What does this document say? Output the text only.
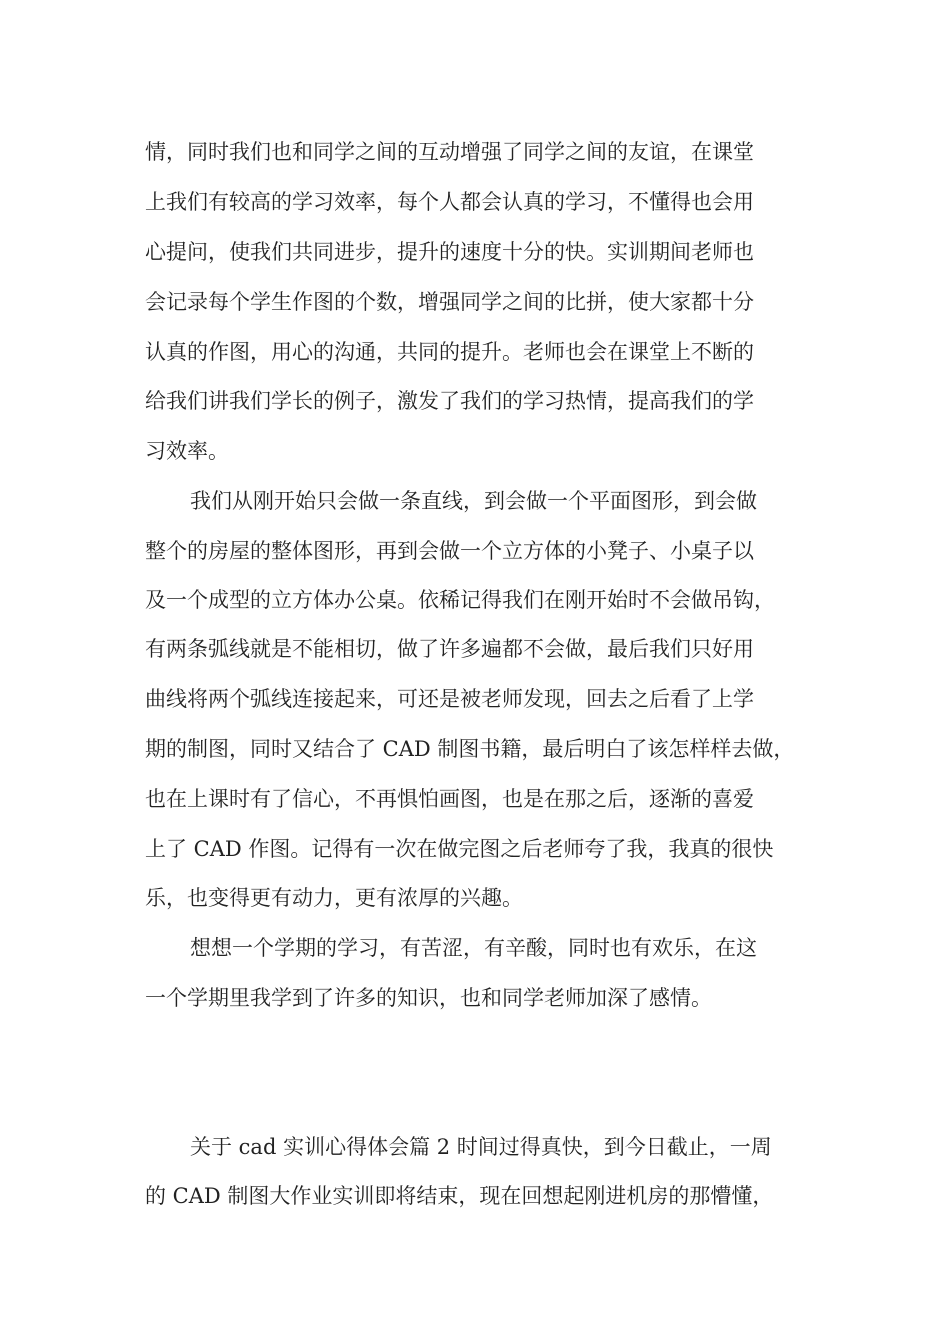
情，同时我们也和同学之间的互动增强了同学之间的友谊，在课堂
上我们有较高的学习效率，每个人都会认真的学习，不懂得也会用
心提问，使我们共同进步，提升的速度十分的快。实训期间老师也
会记录每个学生作图的个数，增强同学之间的比拼，使大家都十分
认真的作图，用心的沟通，共同的提升。老师也会在课堂上不断的
给我们讲我们学长的例子，激发了我们的学习热情，提高我们的学
习效率。
我们从刚开始只会做一条直线，到会做一个平面图形，到会做
整个的房屋的整体图形，再到会做一个立方体的小凳子、小桌子以
及一个成型的立方体办公桌。依稀记得我们在刚开始时不会做吊钩，
有两条弧线就是不能相切，做了许多遍都不会做，最后我们只好用
曲线将两个弧线连接起来，可还是被老师发现，回去之后看了上学
期的制图，同时又结合了 CAD 制图书籍，最后明白了该怎样样去做，
也在上课时有了信心，不再惧怕画图，也是在那之后，逐渐的喜爱
上了 CAD 作图。记得有一次在做完图之后老师夸了我，我真的很快
乐，也变得更有动力，更有浓厚的兴趣。
想想一个学期的学习，有苦涩，有辛酸，同时也有欢乐，在这
一个学期里我学到了许多的知识，也和同学老师加深了感情。
关于 cad 实训心得体会篇 2 时间过得真快，到今日截止，一周
的 CAD 制图大作业实训即将结束，现在回想起刚进机房的那懵懂，
